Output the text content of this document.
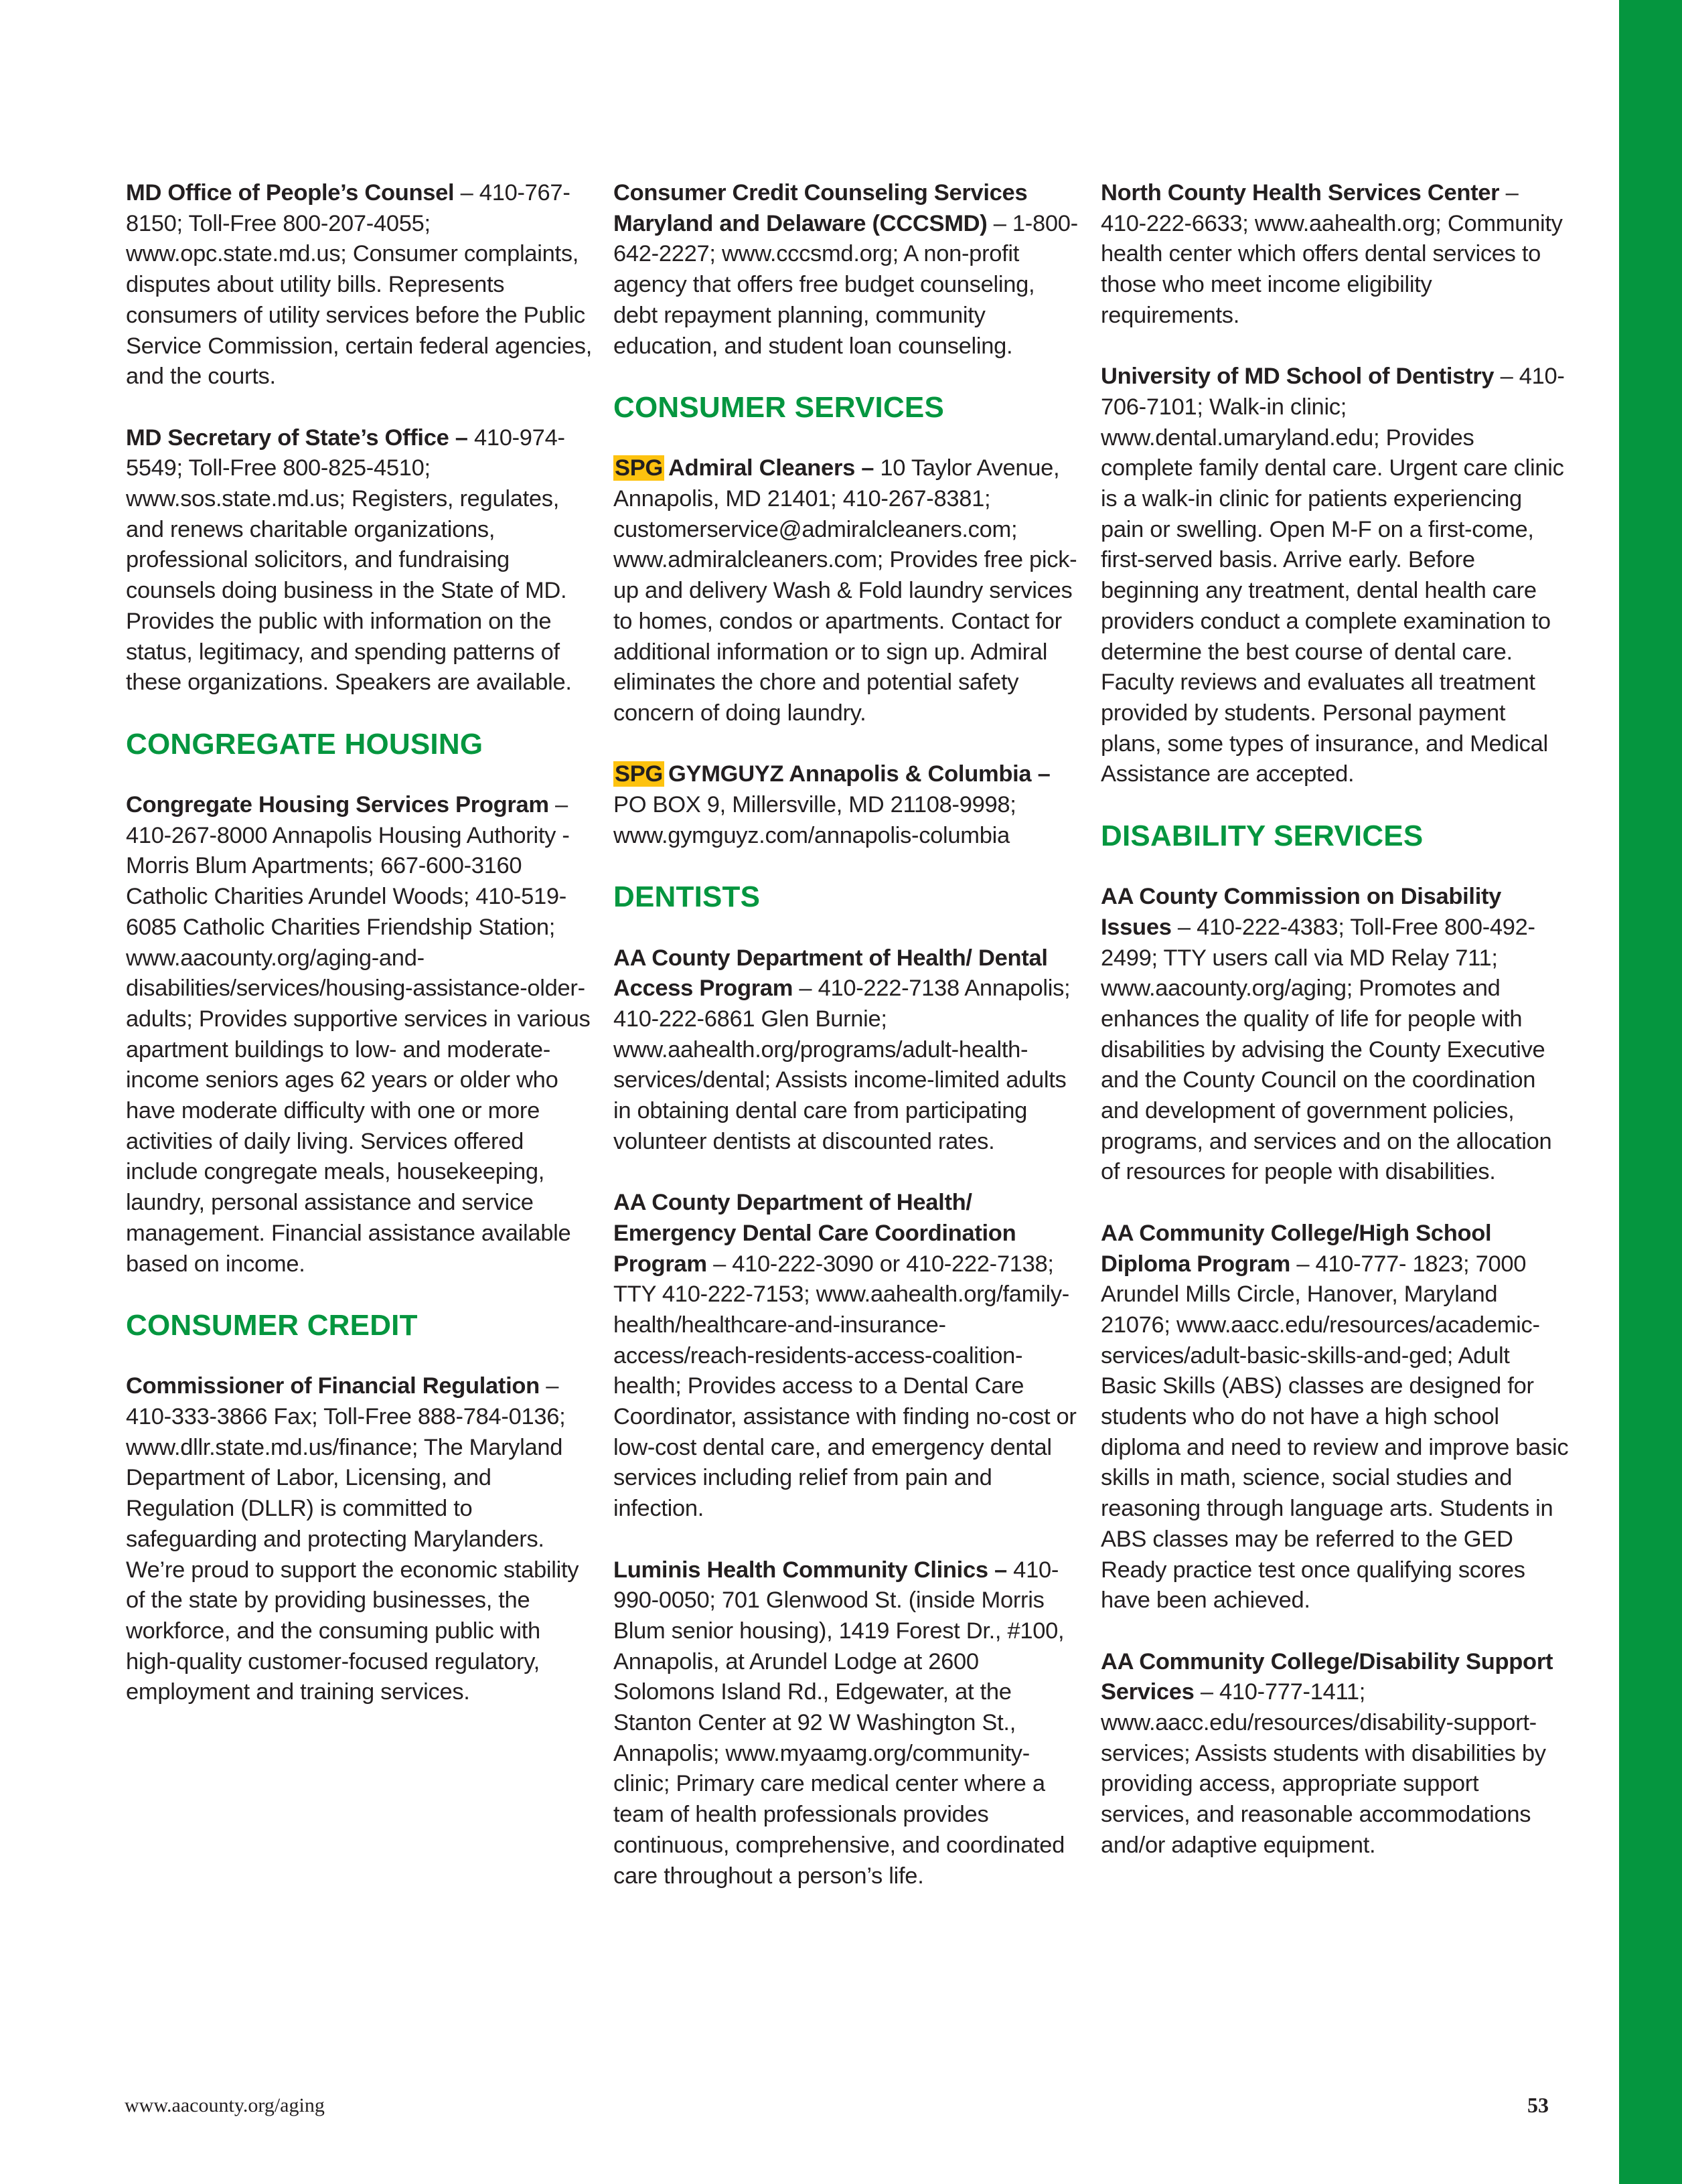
MD Office of People’s Counsel – 410-767-8150; Toll-Free 800-207-4055; www.opc.state.md.us; Consumer complaints, disputes about utility bills. Represents consumers of utility services before the Public Service Commission, certain federal agencies, and the courts.

MD Secretary of State’s Office – 410-974-5549; Toll-Free 800-825-4510; www.sos.state.md.us; Registers, regulates, and renews charitable organizations, professional solicitors, and fundraising counsels doing business in the State of MD. Provides the public with information on the status, legitimacy, and spending patterns of these organizations. Speakers are available.

CONGREGATE HOUSING

Congregate Housing Services Program – 410-267-8000 Annapolis Housing Authority - Morris Blum Apartments; 667-600-3160 Catholic Charities Arundel Woods; 410-519-6085 Catholic Charities Friendship Station; www.aacounty.org/aging-and-disabilities/services/housing-assistance-older-adults; Provides supportive services in various apartment buildings to low- and moderate-income seniors ages 62 years or older who have moderate difficulty with one or more activities of daily living. Services offered include congregate meals, housekeeping, laundry, personal assistance and service management. Financial assistance available based on income.

CONSUMER CREDIT

Commissioner of Financial Regulation – 410-333-3866 Fax; Toll-Free 888-784-0136; www.dllr.state.md.us/finance; The Maryland Department of Labor, Licensing, and Regulation (DLLR) is committed to safeguarding and protecting Marylanders. We’re proud to support the economic stability of the state by providing businesses, the workforce, and the consuming public with high-quality customer-focused regulatory, employment and training services.

Consumer Credit Counseling Services Maryland and Delaware (CCCSMD) – 1-800-642-2227; www.cccsmd.org; A non-profit agency that offers free budget counseling, debt repayment planning, community education, and student loan counseling.

CONSUMER SERVICES

SPG Admiral Cleaners – 10 Taylor Avenue, Annapolis, MD 21401; 410-267-8381; customerservice@admiralcleaners.com; www.admiralcleaners.com; Provides free pick-up and delivery Wash & Fold laundry services to homes, condos or apartments. Contact for additional information or to sign up. Admiral eliminates the chore and potential safety concern of doing laundry.

SPG GYMGUYZ Annapolis & Columbia – PO BOX 9, Millersville, MD 21108-9998; www.gymguyz.com/annapolis-columbia

DENTISTS

AA County Department of Health/ Dental Access Program – 410-222-7138 Annapolis; 410-222-6861 Glen Burnie; www.aahealth.org/programs/adult-health-services/dental; Assists income-limited adults in obtaining dental care from participating volunteer dentists at discounted rates.

AA County Department of Health/ Emergency Dental Care Coordination Program – 410-222-3090 or 410-222-7138; TTY 410-222-7153; www.aahealth.org/family-health/healthcare-and-insurance-access/reach-residents-access-coalition-health; Provides access to a Dental Care Coordinator, assistance with finding no-cost or low-cost dental care, and emergency dental services including relief from pain and infection.

Luminis Health Community Clinics – 410-990-0050; 701 Glenwood St. (inside Morris Blum senior housing), 1419 Forest Dr., #100, Annapolis, at Arundel Lodge at 2600 Solomons Island Rd., Edgewater, at the Stanton Center at 92 W Washington St., Annapolis; www.myaamg.org/community-clinic; Primary care medical center where a team of health professionals provides continuous, comprehensive, and coordinated care throughout a person’s life.

North County Health Services Center – 410-222-6633; www.aahealth.org; Community health center which offers dental services to those who meet income eligibility requirements.

University of MD School of Dentistry – 410-706-7101; Walk-in clinic; www.dental.umaryland.edu; Provides complete family dental care. Urgent care clinic is a walk-in clinic for patients experiencing pain or swelling. Open M-F on a first-come, first-served basis. Arrive early. Before beginning any treatment, dental health care providers conduct a complete examination to determine the best course of dental care. Faculty reviews and evaluates all treatment provided by students. Personal payment plans, some types of insurance, and Medical Assistance are accepted.

DISABILITY SERVICES

AA County Commission on Disability Issues – 410-222-4383; Toll-Free 800-492-2499; TTY users call via MD Relay 711; www.aacounty.org/aging; Promotes and enhances the quality of life for people with disabilities by advising the County Executive and the County Council on the coordination and development of government policies, programs, and services and on the allocation of resources for people with disabilities.

AA Community College/High School Diploma Program – 410-777- 1823; 7000 Arundel Mills Circle, Hanover, Maryland 21076; www.aacc.edu/resources/academic-services/adult-basic-skills-and-ged; Adult Basic Skills (ABS) classes are designed for students who do not have a high school diploma and need to review and improve basic skills in math, science, social studies and reasoning through language arts. Students in ABS classes may be referred to the GED Ready practice test once qualifying scores have been achieved.

AA Community College/Disability Support Services – 410-777-1411; www.aacc.edu/resources/disability-support-services; Assists students with disabilities by providing access, appropriate support services, and reasonable accommodations and/or adaptive equipment.

www.aacounty.org/aging	53
